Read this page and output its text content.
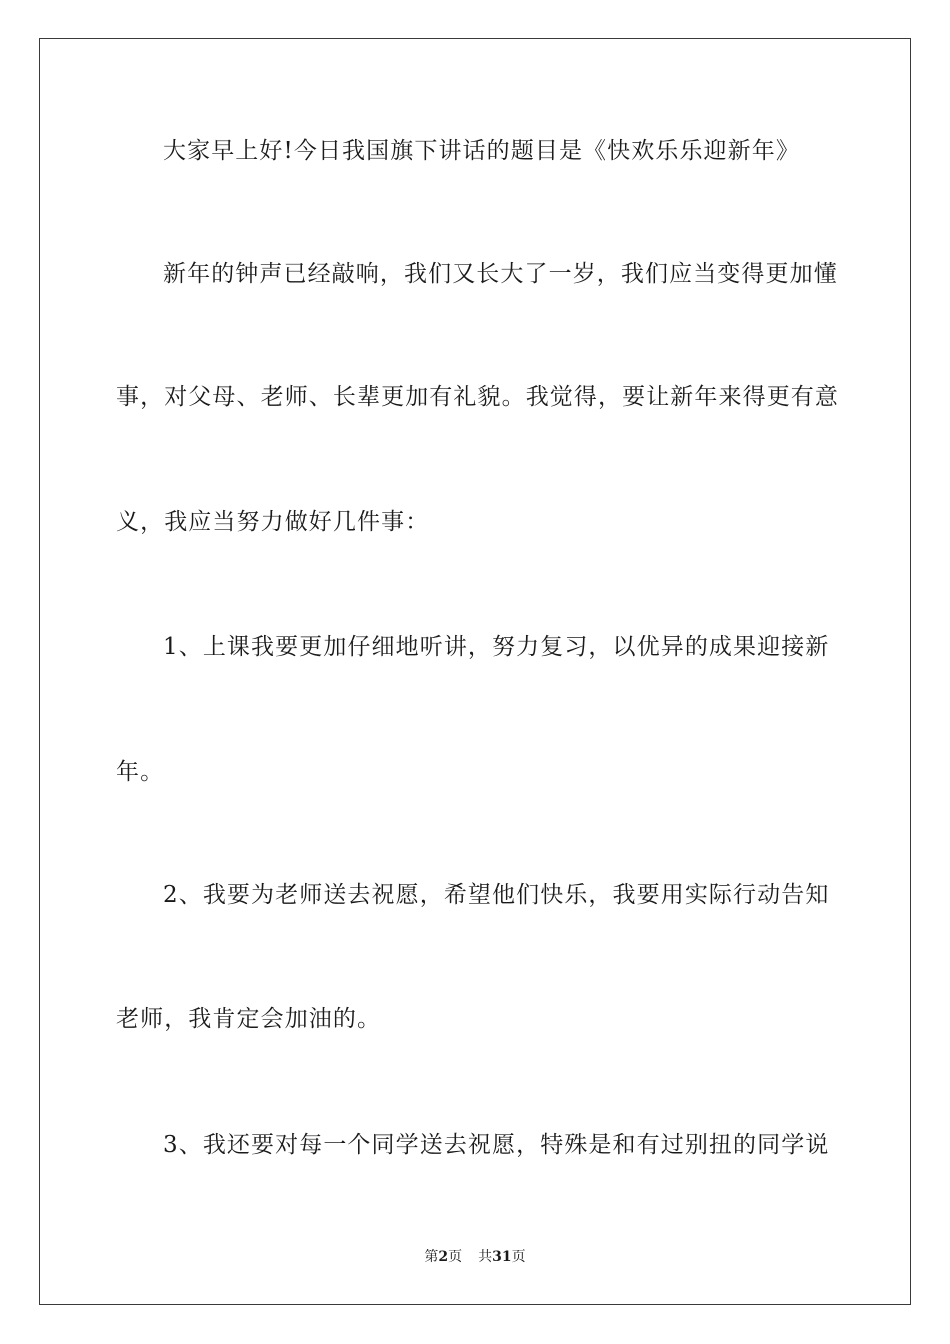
大家早上好!今日我国旗下讲话的题目是《快欢乐乐迎新年》
新年的钟声已经敲响，我们又长大了一岁，我们应当变得更加懂
事，对父母、老师、长辈更加有礼貌。我觉得，要让新年来得更有意
义，我应当努力做好几件事：
1、上课我要更加仔细地听讲，努力复习，以优异的成果迎接新
年。
2、我要为老师送去祝愿，希望他们快乐，我要用实际行动告知
老师，我肯定会加油的。
3、我还要对每一个同学送去祝愿，特殊是和有过别扭的同学说
第2页 共31页
